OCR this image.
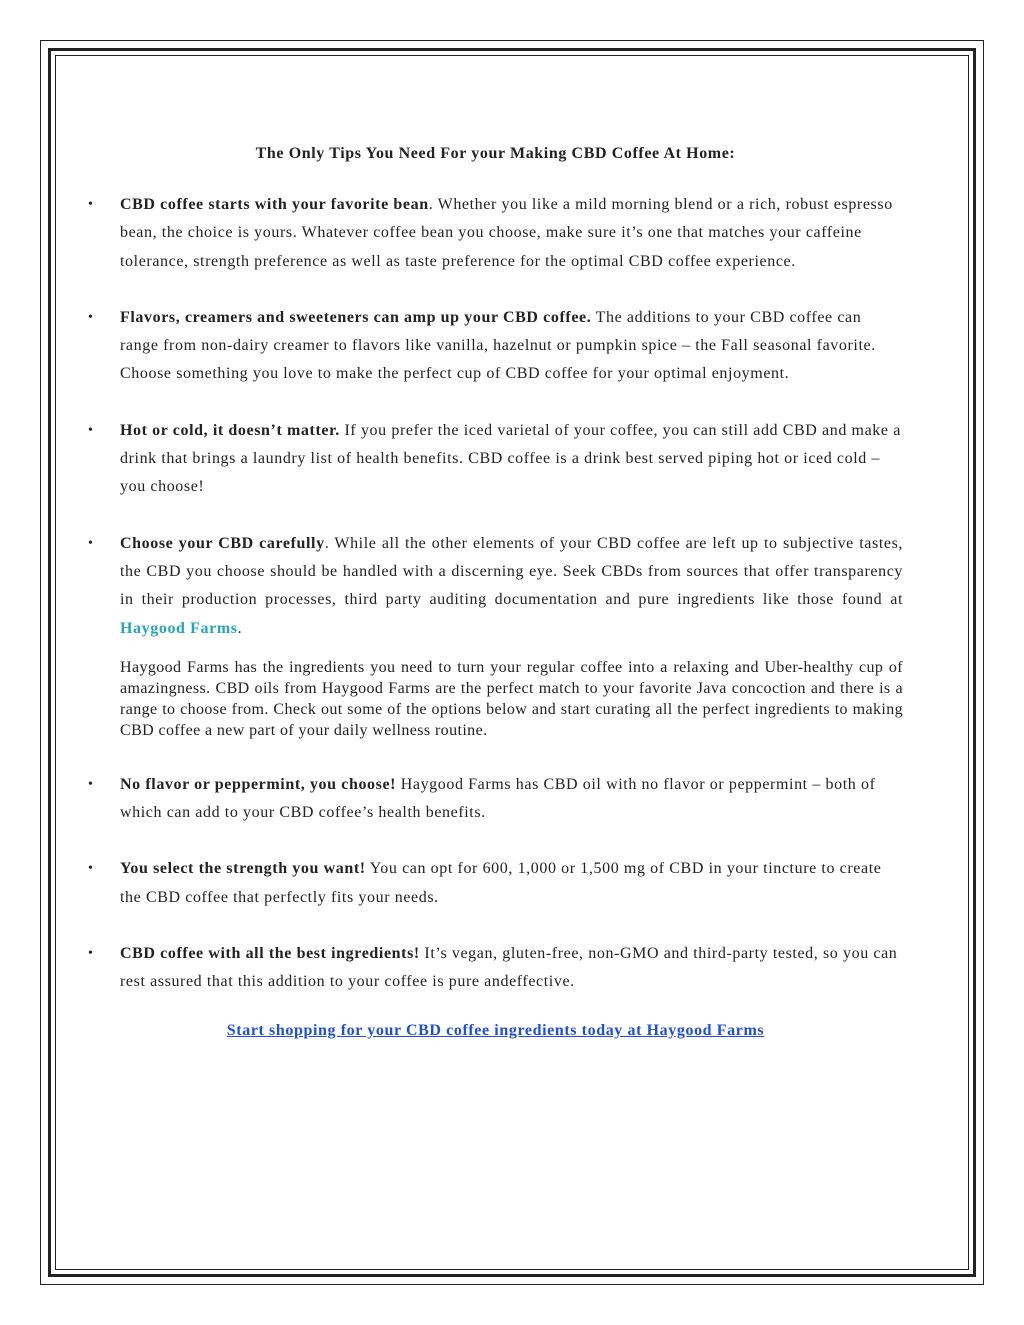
The Only Tips You Need For your Making CBD Coffee At Home:
• CBD coffee starts with your favorite bean. Whether you like a mild morning blend or a rich, robust espresso bean, the choice is yours. Whatever coffee bean you choose, make sure it’s one that matches your caffeine tolerance, strength preference as well as taste preference for the optimal CBD coffee experience.
• Flavors, creamers and sweeteners can amp up your CBD coffee. The additions to your CBD coffee can range from non-dairy creamer to flavors like vanilla, hazelnut or pumpkin spice – the Fall seasonal favorite. Choose something you love to make the perfect cup of CBD coffee for your optimal enjoyment.
• Hot or cold, it doesn’t matter. If you prefer the iced varietal of your coffee, you can still add CBD and make a drink that brings a laundry list of health benefits. CBD coffee is a drink best served piping hot or iced cold – you choose!
• Choose your CBD carefully. While all the other elements of your CBD coffee are left up to subjective tastes, the CBD you choose should be handled with a discerning eye. Seek CBDs from sources that offer transparency in their production processes, third party auditing documentation and pure ingredients like those found at Haygood Farms.

Haygood Farms has the ingredients you need to turn your regular coffee into a relaxing and Uber-healthy cup of amazingness. CBD oils from Haygood Farms are the perfect match to your favorite Java concoction and there is a range to choose from. Check out some of the options below and start curating all the perfect ingredients to making CBD coffee a new part of your daily wellness routine.

• No flavor or peppermint, you choose! Haygood Farms has CBD oil with no flavor or peppermint – both of which can add to your CBD coffee’s health benefits.
• You select the strength you want! You can opt for 600, 1,000 or 1,500 mg of CBD in your tincture to create the CBD coffee that perfectly fits your needs.
• CBD coffee with all the best ingredients! It’s vegan, gluten-free, non-GMO and third-party tested, so you can rest assured that this addition to your coffee is pure andeffective.

Start shopping for your CBD coffee ingredients today at Haygood Farms
